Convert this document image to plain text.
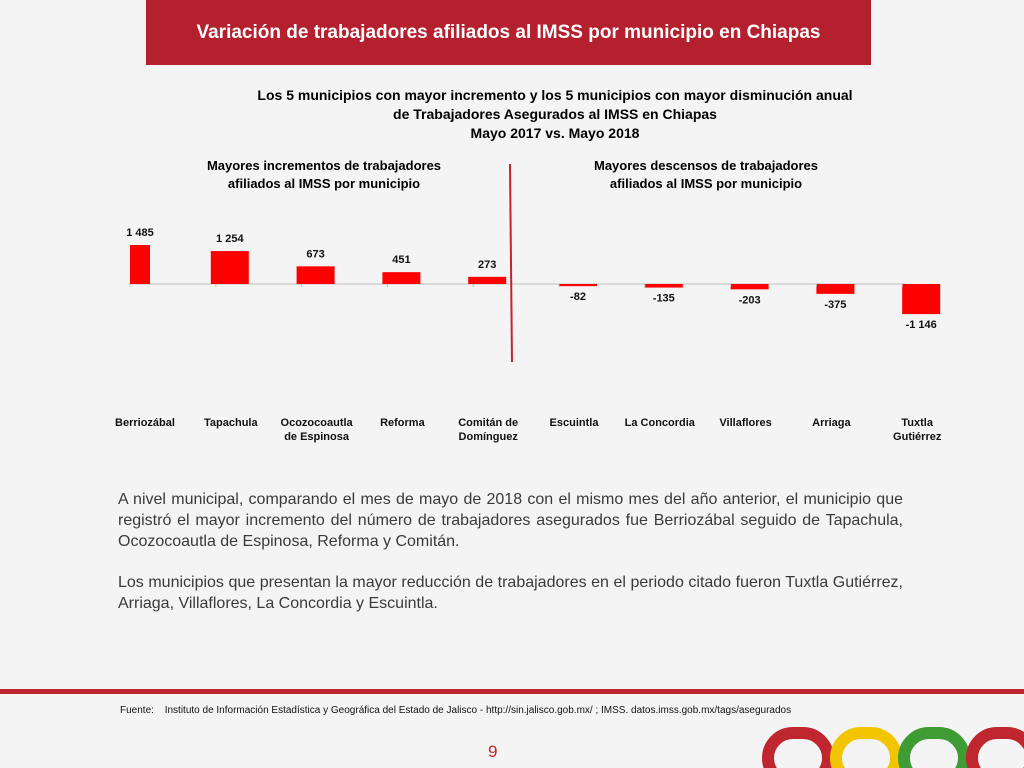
Variación de trabajadores afiliados al IMSS por municipio en Chiapas
Los 5 municipios con mayor incremento y los 5 municipios con mayor disminución anual
de Trabajadores Asegurados al IMSS en Chiapas
Mayo 2017 vs. Mayo 2018
Mayores incrementos de trabajadores
afiliados al IMSS por municipio
Mayores descensos de trabajadores
afiliados al IMSS por municipio
1 485
Berriozábal
1 254
Tapachula
673
Ocozocoautla de Espinosa
451
Reforma
273
Comitán de Domínguez
-82
Escuintla
-135
La Concordia
-203
Villaflores
-375
Arriaga
-1 146
Tuxtla Gutiérrez
A nivel municipal, comparando el mes de mayo de 2018 con el mismo mes del año anterior, el municipio que registró el mayor incremento del número de trabajadores asegurados fue Berriozábal seguido de Tapachula, Ocozocoautla de Espinosa, Reforma y Comitán.
Los municipios que presentan la mayor reducción de trabajadores en el periodo citado fueron Tuxtla Gutiérrez, Arriaga, Villaflores, La Concordia y Escuintla.
Fuente: Instituto de Información Estadística y Geográfica del Estado de Jalisco - http://sin.jalisco.gob.mx/ ; IMSS. datos.imss.gob.mx/tags/asegurados
9
